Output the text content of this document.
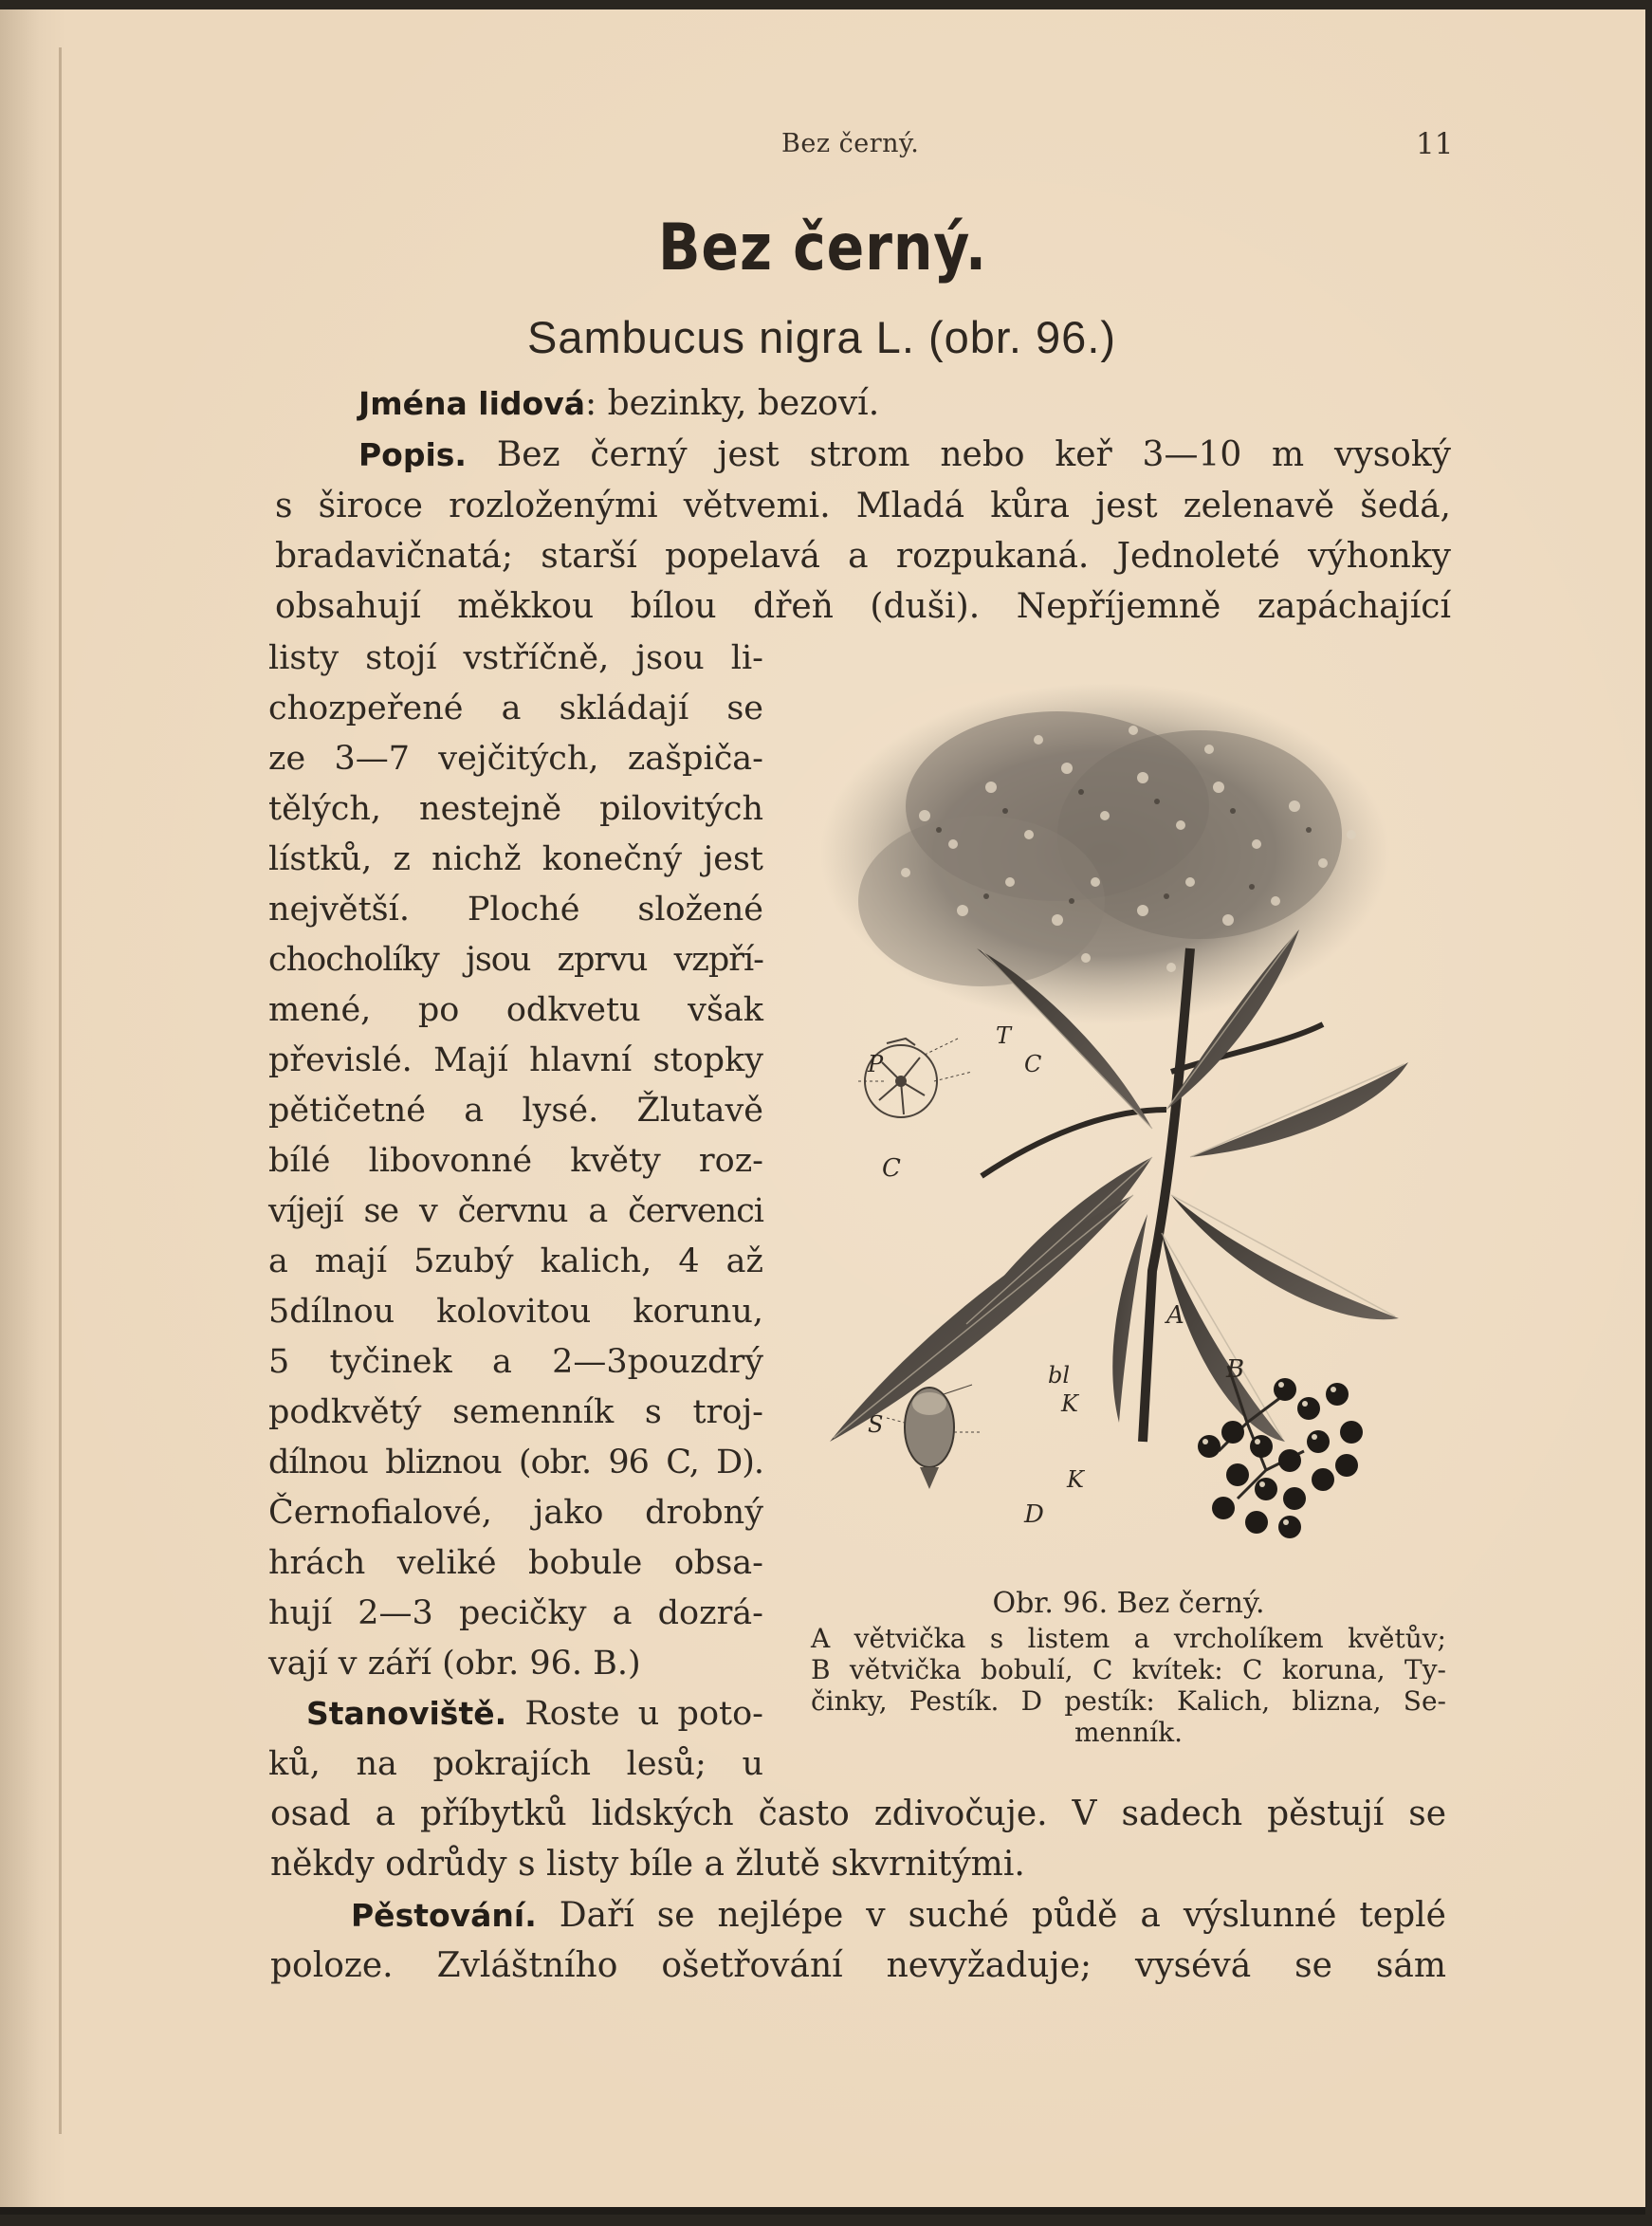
Bez černý.	11
Bez černý.
Sambucus nigra L. (obr. 96.)
Jména lidová: bezinky, bezoví.
Popis. Bez černý jest strom nebo keř 3—10 m vysoký
s široce rozloženými větvemi. Mladá kůra jest zelenavě šedá,
bradavičnatá; starší popelavá a rozpukaná. Jednoleté výhonky
obsahují měkkou bílou dřeň (duši). Nepříjemně zapáchající
listy stojí vstříčně, jsou li-
chozpeřené a skládají se
ze 3—7 vejčitých, zašpiča-
tělých, nestejně pilovitých
lístků, z nichž konečný jest
největší. Ploché složené
chocholíky jsou zprvu vzpří-
mené, po odkvetu však
převislé. Mají hlavní stopky
pětičetné a lysé. Žlutavě
bílé libovonné květy roz-
víjejí se v červnu a červenci
a mají 5zubý kalich, 4 až
5dílnou kolovitou korunu,
5 tyčinek a 2—3pouzdrý
podkvětý semenník s troj-
dílnou bliznou (obr. 96 C, D).
Černofialové, jako drobný
hrách veliké bobule obsa-
hují 2—3 pecičky a dozrá-
vají v září (obr. 96. B.)
Stanoviště. Roste u poto-
ků, na pokrajích lesů; u
osad a příbytků lidských často zdivočuje. V sadech pěstují se
někdy odrůdy s listy bíle a žlutě skvrnitými.
Pěstování. Daří se nejlépe v suché půdě a výslunné teplé
poloze. Zvláštního ošetřování nevyžaduje; vysévá se sám
A
B
C
C
P
T
bl
K
K
S
D
Obr. 96. Bez černý.
A větvička s listem a vrcholíkem květův;
B větvička bobulí, C kvítek: C koruna, Ty-
činky, Pestík. D pestík: Kalich, blizna, Se-
menník.
